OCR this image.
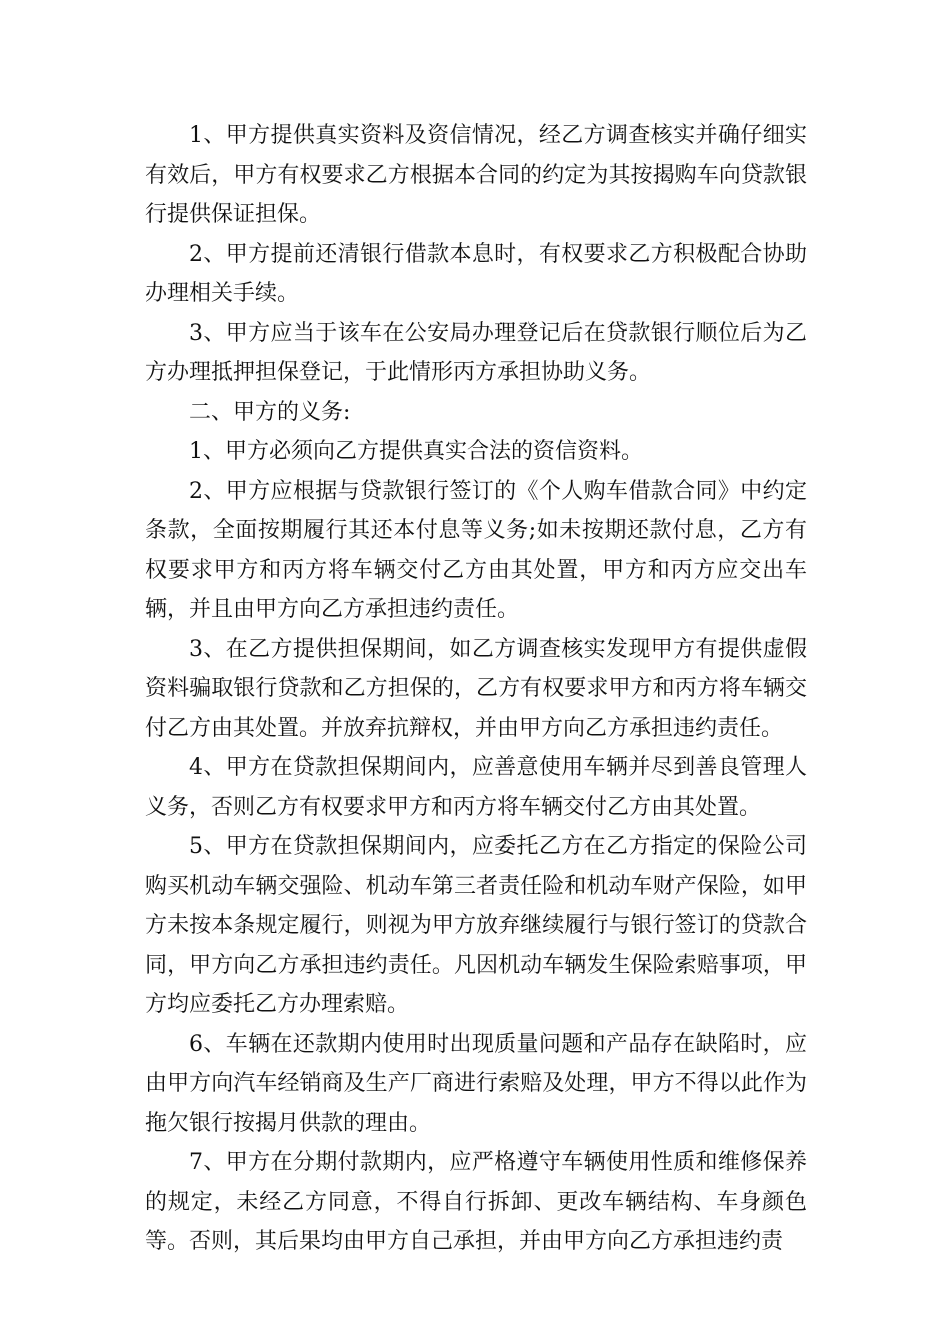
1、甲方提供真实资料及资信情况，经乙方调查核实并确仔细实有效后，甲方有权要求乙方根据本合同的约定为其按揭购车向贷款银行提供保证担保。

2、甲方提前还清银行借款本息时，有权要求乙方积极配合协助办理相关手续。

3、甲方应当于该车在公安局办理登记后在贷款银行顺位后为乙方办理抵押担保登记，于此情形丙方承担协助义务。

二、甲方的义务:

1、甲方必须向乙方提供真实合法的资信资料。

2、甲方应根据与贷款银行签订的《个人购车借款合同》中约定条款，全面按期履行其还本付息等义务;如未按期还款付息，乙方有权要求甲方和丙方将车辆交付乙方由其处置，甲方和丙方应交出车辆，并且由甲方向乙方承担违约责任。

3、在乙方提供担保期间，如乙方调查核实发现甲方有提供虚假资料骗取银行贷款和乙方担保的，乙方有权要求甲方和丙方将车辆交付乙方由其处置。并放弃抗辩权，并由甲方向乙方承担违约责任。

4、甲方在贷款担保期间内，应善意使用车辆并尽到善良管理人义务，否则乙方有权要求甲方和丙方将车辆交付乙方由其处置。

5、甲方在贷款担保期间内，应委托乙方在乙方指定的保险公司购买机动车辆交强险、机动车第三者责任险和机动车财产保险，如甲方未按本条规定履行，则视为甲方放弃继续履行与银行签订的贷款合同，甲方向乙方承担违约责任。凡因机动车辆发生保险索赔事项，甲方均应委托乙方办理索赔。

6、车辆在还款期内使用时出现质量问题和产品存在缺陷时，应由甲方向汽车经销商及生产厂商进行索赔及处理，甲方不得以此作为拖欠银行按揭月供款的理由。

7、甲方在分期付款期内，应严格遵守车辆使用性质和维修保养的规定，未经乙方同意，不得自行拆卸、更改车辆结构、车身颜色等。否则，其后果均由甲方自己承担，并由甲方向乙方承担违约责
